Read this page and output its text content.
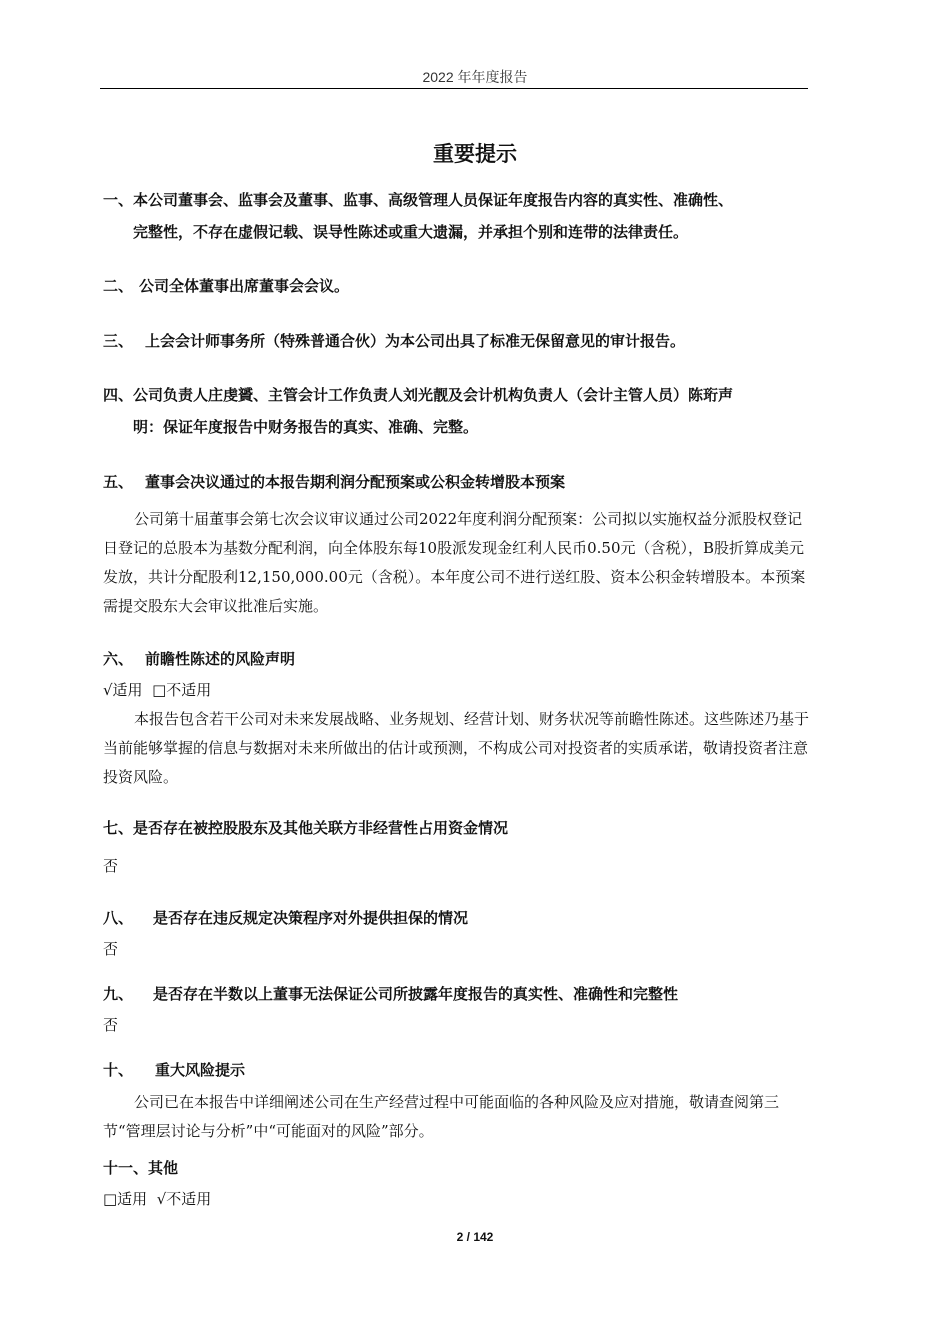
2022 年年度报告
重要提示
一、本公司董事会、监事会及董事、监事、高级管理人员保证年度报告内容的真实性、准确性、
完整性，不存在虚假记载、误导性陈述或重大遗漏，并承担个别和连带的法律责任。
二、 公司全体董事出席董事会会议。
三、 上会会计师事务所（特殊普通合伙）为本公司出具了标准无保留意见的审计报告。
四、公司负责人庄虔贇、主管会计工作负责人刘光靓及会计机构负责人（会计主管人员）陈珩声
明：保证年度报告中财务报告的真实、准确、完整。
五、 董事会决议通过的本报告期利润分配预案或公积金转增股本预案
公司第十届董事会第七次会议审议通过公司2022年度利润分配预案：公司拟以实施权益分派股权登记日登记的总股本为基数分配利润，向全体股东每10股派发现金红利人民币0.50元（含税），B股折算成美元发放，共计分配股利12,150,000.00元（含税）。本年度公司不进行送红股、资本公积金转增股本。本预案需提交股东大会审议批准后实施。
六、 前瞻性陈述的风险声明
√适用 □不适用
本报告包含若干公司对未来发展战略、业务规划、经营计划、财务状况等前瞻性陈述。这些陈述乃基于当前能够掌握的信息与数据对未来所做出的估计或预测，不构成公司对投资者的实质承诺，敬请投资者注意投资风险。
七、是否存在被控股股东及其他关联方非经营性占用资金情况
否
八、 是否存在违反规定决策程序对外提供担保的情况
否
九、 是否存在半数以上董事无法保证公司所披露年度报告的真实性、准确性和完整性
否
十、 重大风险提示
公司已在本报告中详细阐述公司在生产经营过程中可能面临的各种风险及应对措施，敬请查阅第三节“管理层讨论与分析”中“可能面对的风险”部分。
十一、其他
□适用 √不适用
2 / 142
